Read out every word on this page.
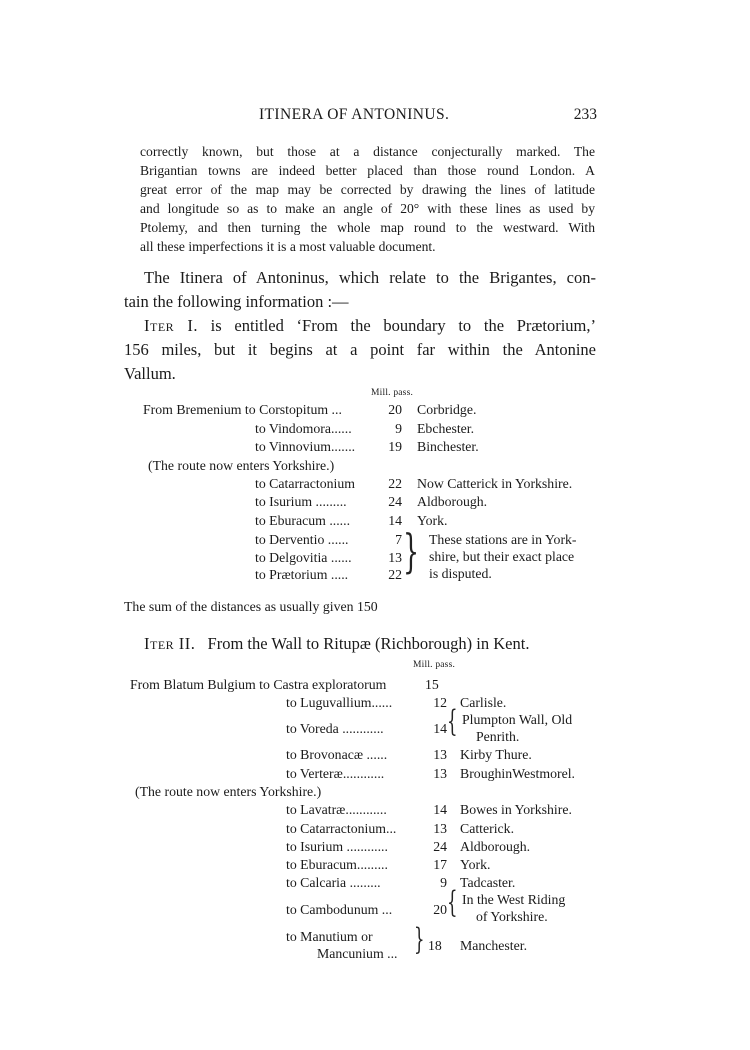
ITINERA OF ANTONINUS.	233
correctly known, but those at a distance conjecturally marked. The
Brigantian towns are indeed better placed than those round London. A
great error of the map may be corrected by drawing the lines of latitude
and longitude so as to make an angle of 20° with these lines as used by
Ptolemy, and then turning the whole map round to the westward. With
all these imperfections it is a most valuable document.
The Itinera of Antoninus, which relate to the Brigantes, con-
tain the following information :—
Iter I. is entitled ‘From the boundary to the Prætorium,’
156 miles, but it begins at a point far within the Antonine
Vallum.
Mill. pass.
From Bremenium to Corstopitum ...	20 Corbridge.
to Vindomora......	9 Ebchester.
to Vinnovium.......	19 Binchester.
(The route now enters Yorkshire.)
to Catarractonium	22 Now Catterick in Yorkshire.
to Isurium .........	24 Aldborough.
to Eburacum ......	14 York.
to Derventio ......	7
to Delgovitia ......	13
to Prætorium .....	22 } These stations are in York-
shire, but their exact place
is disputed.
The sum of the distances as usually given 150
Iter II. From the Wall to Ritupæ (Richborough) in Kent.
Mill. pass.
From Blatum Bulgium to Castra exploratorum	15
to Luguvallium......	12 Carlisle.
to Voreda ............	14 { Plumpton Wall, Old
Penrith.
to Brovonacæ ......	13 Kirby Thure.
to Verteræ............	13 BroughinWestmorel.
(The route now enters Yorkshire.)
to Lavatræ............	14 Bowes in Yorkshire.
to Catarractonium...	13 Catterick.
to Isurium ............	24 Aldborough.
to Eburacum.........	17 York.
to Calcaria .........	9 Tadcaster.
to Cambodunum ...	20 { In the West Riding
of Yorkshire.
to Manutium or
Mancunium ... } 18 Manchester.
